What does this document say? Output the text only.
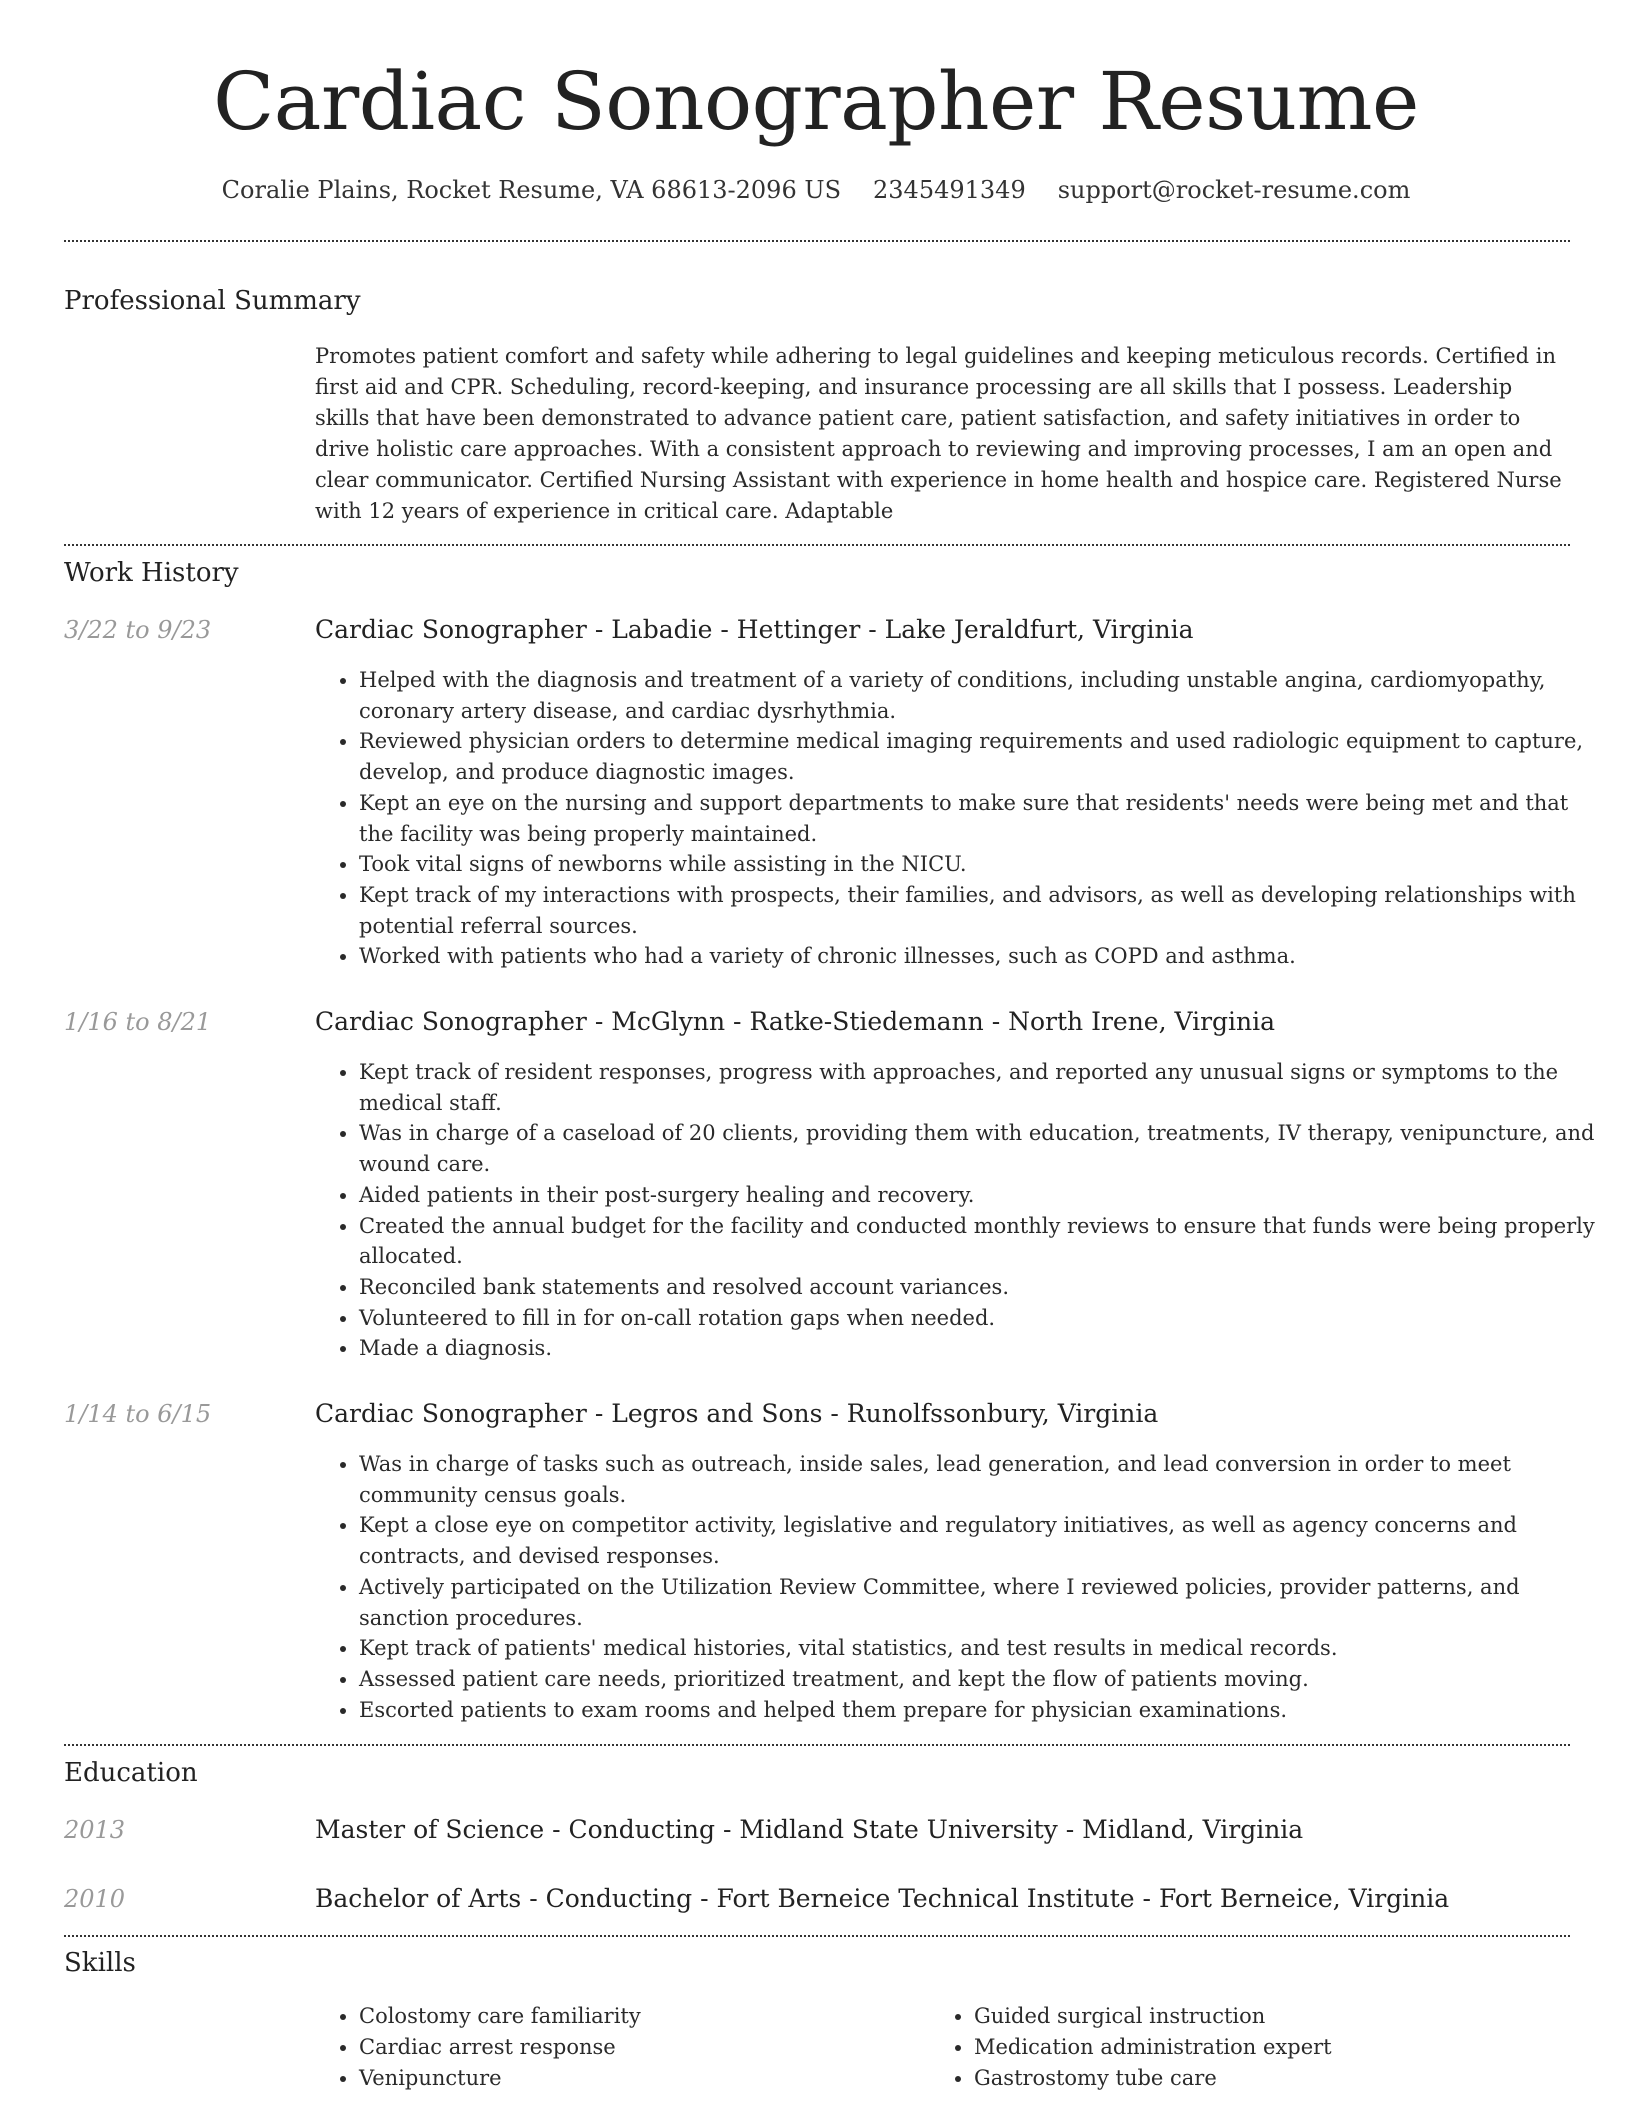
Cardiac Sonographer Resume
Coralie Plains, Rocket Resume, VA 68613-2096 US 2345491349 support@rocket-resume.com
Professional Summary

Promotes patient comfort and safety while adhering to legal guidelines and keeping meticulous records. Certified in first aid and CPR. Scheduling, record-keeping, and insurance processing are all skills that I possess. Leadership skills that have been demonstrated to advance patient care, patient satisfaction, and safety initiatives in order to drive holistic care approaches. With a consistent approach to reviewing and improving processes, I am an open and clear communicator. Certified Nursing Assistant with experience in home health and hospice care. Registered Nurse with 12 years of experience in critical care. Adaptable

Work History
3/22 to 9/23	Cardiac Sonographer - Labadie - Hettinger - Lake Jeraldfurt, Virginia
• Helped with the diagnosis and treatment of a variety of conditions, including unstable angina, cardiomyopathy, coronary artery disease, and cardiac dysrhythmia.
• Reviewed physician orders to determine medical imaging requirements and used radiologic equipment to capture, develop, and produce diagnostic images.
• Kept an eye on the nursing and support departments to make sure that residents' needs were being met and that the facility was being properly maintained.
• Took vital signs of newborns while assisting in the NICU.
• Kept track of my interactions with prospects, their families, and advisors, as well as developing relationships with potential referral sources.
• Worked with patients who had a variety of chronic illnesses, such as COPD and asthma.
1/16 to 8/21	Cardiac Sonographer - McGlynn - Ratke-Stiedemann - North Irene, Virginia
• Kept track of resident responses, progress with approaches, and reported any unusual signs or symptoms to the medical staff.
• Was in charge of a caseload of 20 clients, providing them with education, treatments, IV therapy, venipuncture, and wound care.
• Aided patients in their post-surgery healing and recovery.
• Created the annual budget for the facility and conducted monthly reviews to ensure that funds were being properly allocated.
• Reconciled bank statements and resolved account variances.
• Volunteered to fill in for on-call rotation gaps when needed.
• Made a diagnosis.
1/14 to 6/15	Cardiac Sonographer - Legros and Sons - Runolfssonbury, Virginia
• Was in charge of tasks such as outreach, inside sales, lead generation, and lead conversion in order to meet community census goals.
• Kept a close eye on competitor activity, legislative and regulatory initiatives, as well as agency concerns and contracts, and devised responses.
• Actively participated on the Utilization Review Committee, where I reviewed policies, provider patterns, and sanction procedures.
• Kept track of patients' medical histories, vital statistics, and test results in medical records.
• Assessed patient care needs, prioritized treatment, and kept the flow of patients moving.
• Escorted patients to exam rooms and helped them prepare for physician examinations.
Education
2013	Master of Science - Conducting - Midland State University - Midland, Virginia
2010	Bachelor of Arts - Conducting - Fort Berneice Technical Institute - Fort Berneice, Virginia
Skills
• Colostomy care familiarity
• Cardiac arrest response
• Venipuncture
• Guided surgical instruction
• Medication administration expert
• Gastrostomy tube care
